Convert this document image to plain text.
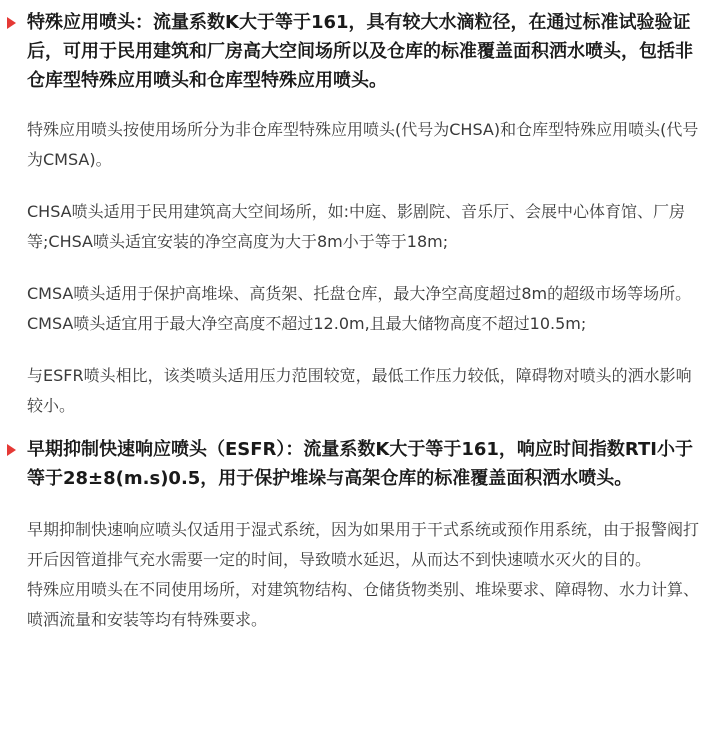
特殊应用喷头：流量系数K大于等于161，具有较大水滴粒径，在通过标准试验验证后，可用于民用建筑和厂房高大空间场所以及仓库的标准覆盖面积洒水喷头，包括非仓库型特殊应用喷头和仓库型特殊应用喷头。

特殊应用喷头按使用场所分为非仓库型特殊应用喷头(代号为CHSA)和仓库型特殊应用喷头(代号为CMSA)。

CHSA喷头适用于民用建筑高大空间场所，如:中庭、影剧院、音乐厅、会展中心体育馆、厂房等;CHSA喷头适宜安装的净空高度为大于8m小于等于18m;

CMSA喷头适用于保护高堆垛、高货架、托盘仓库，最大净空高度超过8m的超级市场等场所。CMSA喷头适宜用于最大净空高度不超过12.0m,且最大储物高度不超过10.5m;

与ESFR喷头相比，该类喷头适用压力范围较宽，最低工作压力较低，障碍物对喷头的洒水影响较小。

早期抑制快速响应喷头（ESFR）：流量系数K大于等于161，响应时间指数RTI小于等于28±8(m.s)0.5，用于保护堆垛与高架仓库的标准覆盖面积洒水喷头。

早期抑制快速响应喷头仅适用于湿式系统，因为如果用于干式系统或预作用系统，由于报警阀打开后因管道排气充水需要一定的时间，导致喷水延迟，从而达不到快速喷水灭火的目的。

特殊应用喷头在不同使用场所，对建筑物结构、仓储货物类别、堆垛要求、障碍物、水力计算、喷洒流量和安装等均有特殊要求。
